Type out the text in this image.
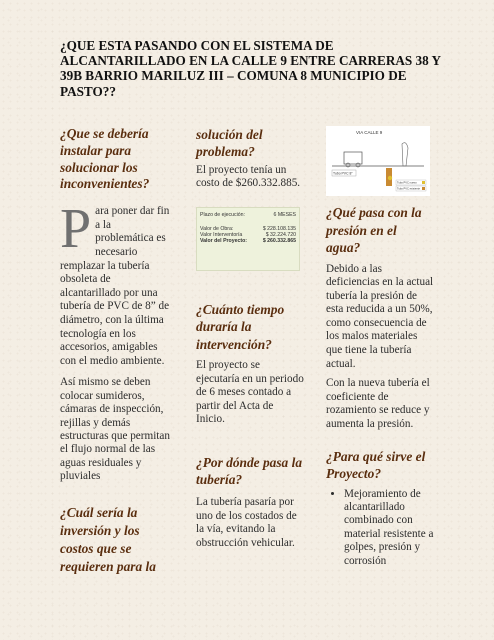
¿QUE ESTA PASANDO CON EL SISTEMA DE ALCANTARILLADO EN LA CALLE 9 ENTRE CARRERAS 38 Y 39B BARRIO MARILUZ III – COMUNA 8 MUNICIPIO DE PASTO??
¿Que se debería instalar para solucionar los inconvenientes?

Para poner dar fin a la problemática es necesario remplazar la tubería obsoleta de alcantarillado por una tubería de PVC de 8” de diámetro, con la última tecnología en los accesorios, amigables con el medio ambiente.

Así mismo se deben colocar sumideros, cámaras de inspección, rejillas y demás estructuras que permitan el flujo normal de las aguas residuales y pluviales

¿Cuál sería la inversión y los costos que se requieren para la
solución del problema?

El proyecto tenía un costo de $260.332.885.

Plazo de ejecución:	6 MESES
Valor de Obra:	$ 228.108.135
Valor Interventoría	$ 32.224.720
Valor del Proyecto:	$ 260.332.865
¿Cuánto tiempo duraría la intervención?

El proyecto se ejecutaría en un periodo de 6 meses contado a partir del Acta de Inicio.

¿Por dónde pasa la tubería?

La tubería pasaría por uno de los costados de la vía, evitando la obstrucción vehicular.

VIA CALLE 9
Tubo PVC 8"
Tubo PVC nuevo
Tubo PVC existente
¿Qué pasa con la presión en el agua?

Debido a las deficiencias en la actual tubería la presión de esta reducida a un 50%, como consecuencia de los malos materiales que tiene la tubería actual.

Con la nueva tubería el coeficiente de rozamiento se reduce y aumenta la presión.

¿Para qué sirve el Proyecto?
• Mejoramiento de alcantarillado combinado con material resistente a golpes, presión y corrosión
